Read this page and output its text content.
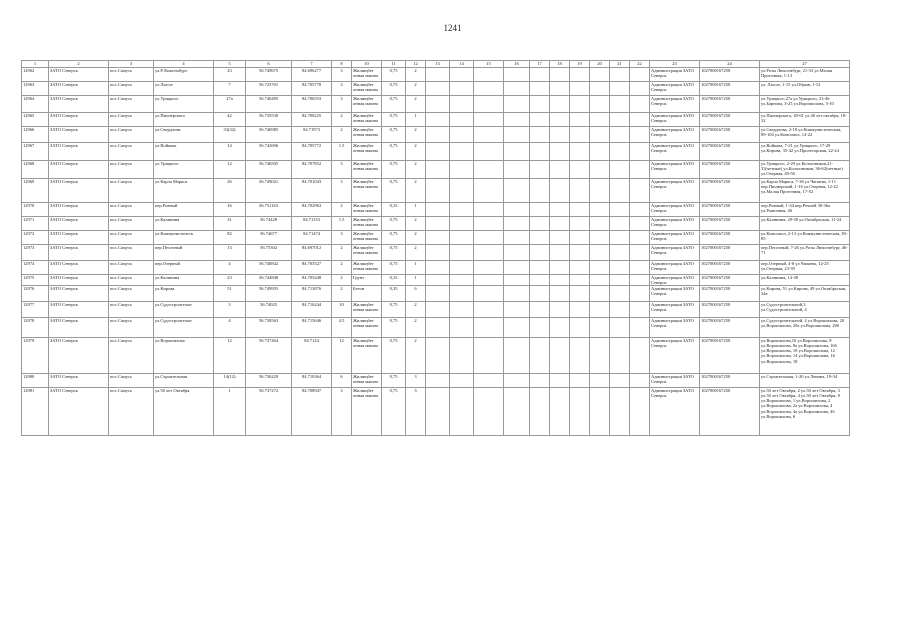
1241
1	2	3	4	5	6	7	8	10	11	12	13	14	15	16	17	18	19	20	21	22	23	24	27
12962	ЗАТО Северск	пос.Самусь	ул.Р.Люксембург	23	56.749675	84.696277	3	Жилищбет онная машна	0,75	2											Администрация ЗАТО Северск	1027000167250	ул.Розы Люксембург, 21-33 ул.Малая Проточная, 1-13
12963	ЗАТО Северск	пос.Самусь	ул.Лысое	7	56.725701	84.705778	3	Жилищбет онная машна	0,75	2											Администрация ЗАТО Северск	1027000167250	ул. Лысое, 1-15 ул.Обрыв, 1-12
12964	ЗАТО Северск	пос.Самусь	ул.Урицкого	27а	56.740495	84.706553	3	Жилищбет онная машна	0,75	2											Администрация ЗАТО Северск	1027000167250	ул.Урицкого,27а ул.Урицкого, 23-46 ул.Барнова, 3-25 ул.Ворошилова, 3-10
12965	ЗАТО Северск	пос.Самусь	ул.Пионерского	42	56.735538	84.700225	2	Жилищбет онная машна	0,75	1											Администрация ЗАТО Северск	1027000167250	ул.Пионерского, 49-61 ул.40 лет октября, 18-32
12966	ЗАТО Северск	пос.Самусь	ул.Свердлова	33(32)	56.746985	84.71973	2	Жилищбет онная машна	0,75	2											Администрация ЗАТО Северск	1027000167250	ул.Свердлова, 2-18 ул.Коммунистическая, 89-104 ул.Комсомол, 14-22
12967	ЗАТО Северск	пос.Самусь	ул.Войкова	14	56.742696	84.705772	1.5	Жилищбет онная машна	0,75	2											Администрация ЗАТО Северск	1027000167250	ул.Войкова, 7-21 ул.Урицкого, 17-29 ул.Кирова, 35-42 ул.Пролетарская, 22-24
12968	ЗАТО Северск	пос.Самусь	ул.Урицкого	12	56.746505	84.707852	3	Жилищбет онная машна	0,75	2											Администрация ЗАТО Северск	1027000167250	ул.Урицкого, 2-29 ул.Колхозников,21-33(четные) ул.Колхозников, 36-62(четные) ул.Озерная, 49-56
12969	ЗАТО Северск	пос.Самусь	ул.Карла Маркса	26	56.749021	84.701043	3	Жилищбет онная машна	0,75	2											Администрация ЗАТО Северск	1027000167250	ул.Карла Маркса, 7-36 ул.Чапаева, 1-11 пер.Пионерский, 1-16 ул.Озерная, 12-22 ул.Малая Проточная, 17-52
12970	ЗАТО Северск	пос.Самусь	пер.Ровный	16	56.751163	84.702963	2	Жилищбет онная машна	0,35	1											Администрация ЗАТО Северск	1027000167250	пер.Ровный, 1-34 пер.Речной 30-36а ул.Рыночная, 46
12971	ЗАТО Северск	пос.Самусь	ул.Калинина	31	56.74428	84.71133	1.5	Жилищбет онная машна	0,75	2											Администрация ЗАТО Северск	1027000167250	ул.Калинина, 29-58 ул.Октябрьская, 11-24
12972	ЗАТО Северск	пос.Самусь	ул.Коммунистическ	82	56.74677	84.71474	3	Жилищбет онная машна	0,75	2											Администрация ЗАТО Северск	1027000167250	ул.Комсомол, 2-13 ул.Коммунистическая, 83-85
12973	ЗАТО Северск	пос.Самусь	пер.Песочный	13	56.75302	84.697012	2	Жилищбет онная машна	0,75	2											Администрация ЗАТО Северск	1027000167250	пер.Песочный, 7-26 ул.Розы Люксембург, 46-71
12974	ЗАТО Северск	пос.Самусь	пер.Озерный	4	56.748842	84.703527	2	Жилищбет онная машна	0,75	1											Администрация ЗАТО Северск	1027000167250	пер.Озерный, 4-8 ул.Чапаева, 12-25 ул.Озерная, 23-39
12975	ЗАТО Северск	пос.Самусь	ул.Калинина	23	56.744848	84.705448	2	Грунт	0,35	1											Администрация ЗАТО Северск	1027000167250	ул.Калинина, 14-38
12976	ЗАТО Северск	пос.Самусь	ул.Кирова	51	56.749955	84.713876	2	Бетон	0,35	6											Администрация ЗАТО Северск	1027000167250	ул.Кирова, 51 ул.Кирова, 49 ул.Октябрьская, 34а
12977	ЗАТО Северск	пос.Самусь	ул.Судостроительн	3	56.74025	84.716244	10	Жилищбет онная машна	0,75	2											Администрация ЗАТО Северск	1027000167250	ул.Судостроительной,3 ул.Судостроительной, 4
12978	ЗАТО Северск	пос.Самусь	ул.Судостроительн	4	56.738563	84.715646	4.5	Жилищбет онная машна	0,75	2											Администрация ЗАТО Северск	1027000167250	ул.Судостроительной, 4 ул.Ворошилова, 20 ул.Ворошилова, 20а ул.Ворошилова, 20б
12979	ЗАТО Северск	пос.Самусь	ул.Ворошилова	12	56.737464	84.7124	12	Жилищбет онная машна	0,75	2											Администрация ЗАТО Северск	1027000167250	ул.Ворошилова,16 ул.Ворошилова, 8 ул.Ворошилова, 8а ул.Ворошилова, 16б ул.Ворошилова, 10 ул.Ворошилова, 12 ул.Ворошилова, 14 ул.Ворошилова, 16 ул.Ворошилова, 18
12980	ЗАТО Северск	пос.Самусь	ул.Строительная	14(12)	56.736229	84.710364	6	Жилищбет онная машна	0,75	3											Администрация ЗАТО Северск	1027000167250	ул.Строительная, 1-20 ул.Ленина, 19-34
12981	ЗАТО Северск	пос.Самусь	ул.50 лет Октября	1	56.737272	84.708947	3	Жилищбет онная машна	0,75	3											Администрация ЗАТО Северск	1027000167250	ул.50 лет Октября, 2 ул.50 лет Октября, 3 ул.50 лет Октября, 4 ул.50 лет Октября, 8 ул.Ворошилова, 1 ул.Ворошилова, 2 ул.Ворошилова, 2а ул.Ворошилова, 4 ул.Ворошилова, 4а ул.Ворошилова, 4б ул.Ворошилова, 6
